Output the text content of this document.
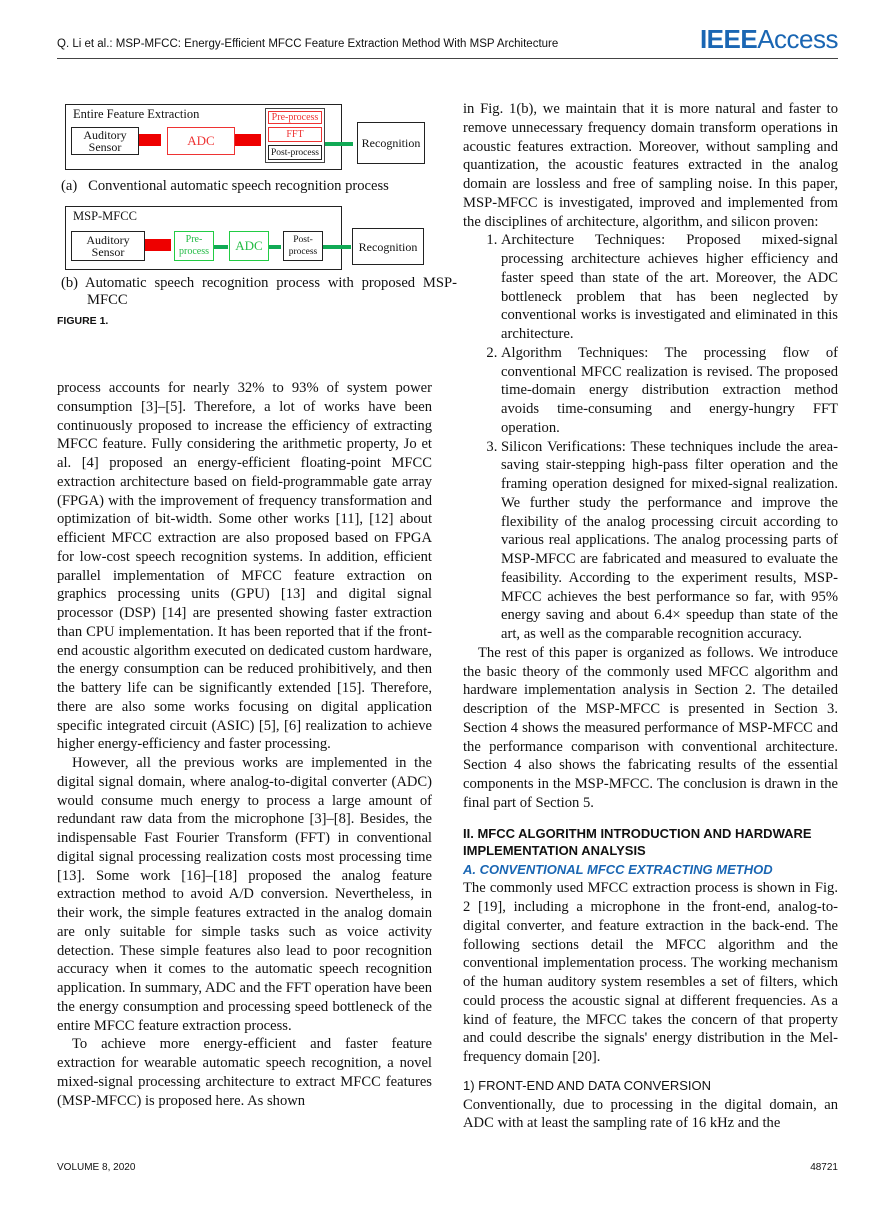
Q. Li et al.: MSP-MFCC: Energy-Efficient MFCC Feature Extraction Method With MSP Architecture	IEEEAccess
Entire Feature Extraction
Auditory Sensor	ADC
Pre-process
FFT
Post-process
Recognition
(a)   Conventional automatic speech recognition process
MSP-MFCC
Auditory Sensor
Pre-process	ADC	Post-process	Recognition
(b) Automatic speech recognition process with proposed MSP-MFCC
FIGURE 1.

process accounts for nearly 32% to 93% of system power consumption [3]–[5]. Therefore, a lot of works have been continuously proposed to increase the efficiency of extracting MFCC feature. Fully considering the arithmetic property, Jo et al. [4] proposed an energy-efficient floating-point MFCC extraction architecture based on field-programmable gate array (FPGA) with the improvement of frequency transformation and optimization of bit-width. Some other works [11], [12] about efficient MFCC extraction are also proposed based on FPGA for low-cost speech recognition systems. In addition, efficient parallel implementation of MFCC feature extraction on graphics processing units (GPU) [13] and digital signal processor (DSP) [14] are presented showing faster extraction than CPU implementation. It has been reported that if the front-end acoustic algorithm executed on dedicated custom hardware, the energy consumption can be reduced prohibitively, and then the battery life can be significantly extended [15]. Therefore, there are also some works focusing on digital application specific integrated circuit (ASIC) [5], [6] realization to achieve higher energy-efficiency and faster processing.

However, all the previous works are implemented in the digital signal domain, where analog-to-digital converter (ADC) would consume much energy to process a large amount of redundant raw data from the microphone [3]–[8]. Besides, the indispensable Fast Fourier Transform (FFT) in conventional digital signal processing realization costs most processing time [13]. Some work [16]–[18] proposed the analog feature extraction method to avoid A/D conversion. Nevertheless, in their work, the simple features extracted in the analog domain are only suitable for simple tasks such as voice activity detection. These simple features also lead to poor recognition accuracy when it comes to the automatic speech recognition application. In summary, ADC and the FFT operation have been the energy consumption and processing speed bottleneck of the entire MFCC feature extraction process.

To achieve more energy-efficient and faster feature extraction for wearable automatic speech recognition, a novel mixed-signal processing architecture to extract MFCC features (MSP-MFCC) is proposed here. As shown

in Fig. 1(b), we maintain that it is more natural and faster to remove unnecessary frequency domain transform operations in acoustic features extraction. Moreover, without sampling and quantization, the acoustic features extracted in the analog domain are lossless and free of sampling noise. In this paper, MSP-MFCC is investigated, improved and implemented from the disciplines of architecture, algorithm, and silicon proven:

1. Architecture Techniques: Proposed mixed-signal processing architecture achieves higher efficiency and faster speed than state of the art. Moreover, the ADC bottleneck problem that has been neglected by conventional works is investigated and eliminated in this architecture.
2. Algorithm Techniques: The processing flow of conventional MFCC realization is revised. The proposed time-domain energy distribution extraction method avoids time-consuming and energy-hungry FFT operation.
3. Silicon Verifications: These techniques include the area-saving stair-stepping high-pass filter operation and the framing operation designed for mixed-signal realization. We further study the performance and improve the flexibility of the analog processing circuit according to various real applications. The analog processing parts of MSP-MFCC are fabricated and measured to evaluate the feasibility. According to the experiment results, MSP-MFCC achieves the best performance so far, with 95% energy saving and about 6.4× speedup than state of the art, as well as the comparable recognition accuracy.

The rest of this paper is organized as follows. We introduce the basic theory of the commonly used MFCC algorithm and hardware implementation analysis in Section 2. The detailed description of the MSP-MFCC is presented in Section 3. Section 4 shows the measured performance of MSP-MFCC and the performance comparison with conventional architecture. Section 4 also shows the fabricating results of the essential components in the MSP-MFCC. The conclusion is drawn in the final part of Section 5.

II. MFCC ALGORITHM INTRODUCTION AND HARDWARE IMPLEMENTATION ANALYSIS
A. CONVENTIONAL MFCC EXTRACTING METHOD

The commonly used MFCC extraction process is shown in Fig. 2 [19], including a microphone in the front-end, analog-to-digital converter, and feature extraction in the back-end. The following sections detail the MFCC algorithm and the conventional implementation process. The working mechanism of the human auditory system resembles a set of filters, which could process the acoustic signal at different frequencies. As a kind of feature, the MFCC takes the concern of that property and could describe the signals' energy distribution in the Mel-frequency domain [20].

1) FRONT-END AND DATA CONVERSION

Conventionally, due to processing in the digital domain, an ADC with at least the sampling rate of 16 kHz and the

VOLUME 8, 2020	48721
